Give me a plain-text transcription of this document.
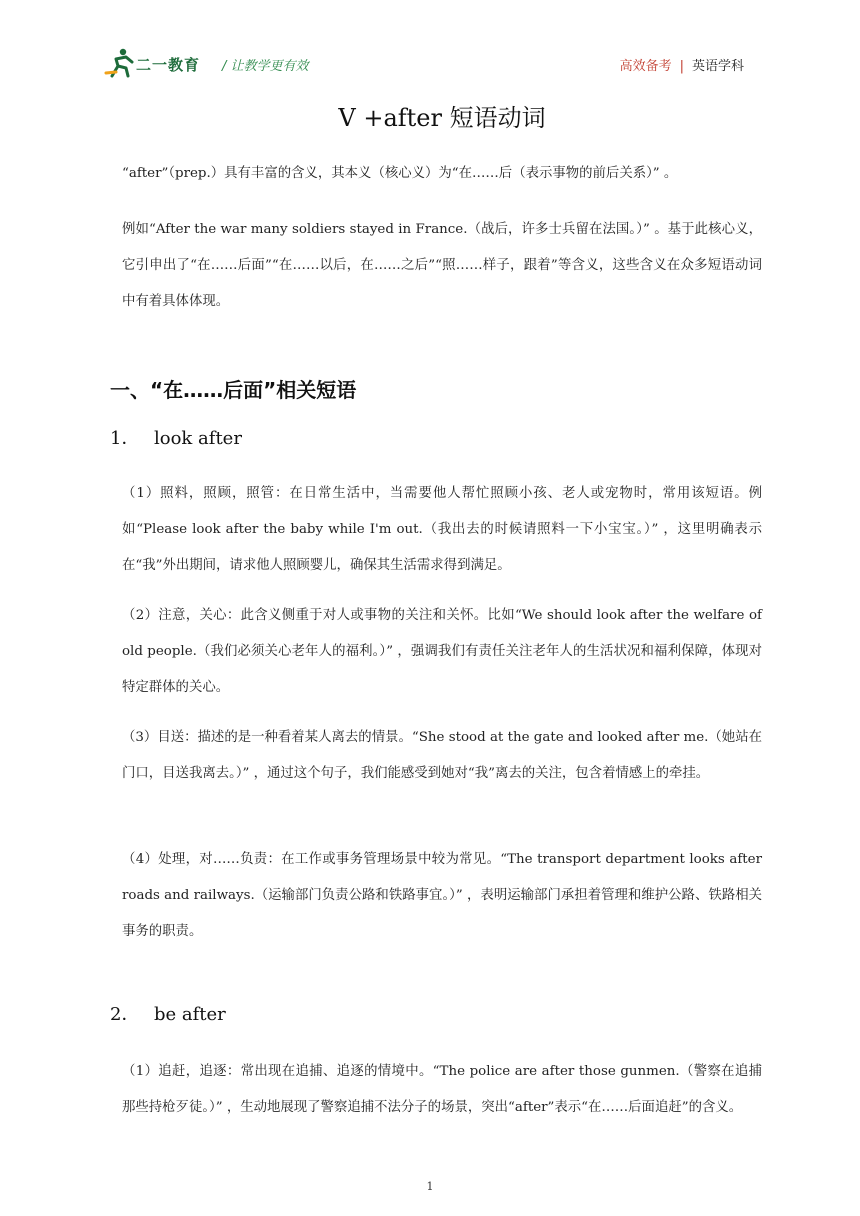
二一教育 / 让教学更有效	高效备考 | 英语学科
V +after 短语动词
“after”（prep.）具有丰富的含义，其本义（核心义）为“在……后（表示事物的前后关系）” 。
例如“After the war many soldiers stayed in France.（战后，许多士兵留在法国。）” 。基于此核心义，它引申出了“在……后面”“在……以后，在……之后”“照……样子，跟着”等含义，这些含义在众多短语动词中有着具体体现。
一、“在……后面”相关短语
1． look after
（1）照料，照顾，照管：在日常生活中，当需要他人帮忙照顾小孩、老人或宠物时，常用该短语。例如“Please look after the baby while I'm out.（我出去的时候请照料一下小宝宝。）” ，这里明确表示在“我”外出期间，请求他人照顾婴儿，确保其生活需求得到满足。
（2）注意，关心：此含义侧重于对人或事物的关注和关怀。比如“We should look after the welfare of old people.（我们必须关心老年人的福利。）” ，强调我们有责任关注老年人的生活状况和福利保障，体现对特定群体的关心。
（3）目送：描述的是一种看着某人离去的情景。“She stood at the gate and looked after me.（她站在门口，目送我离去。）” ，通过这个句子，我们能感受到她对“我”离去的关注，包含着情感上的牵挂。
（4）处理，对……负责：在工作或事务管理场景中较为常见。“The transport department looks after roads and railways.（运输部门负责公路和铁路事宜。）” ，表明运输部门承担着管理和维护公路、铁路相关事务的职责。
2． be after
（1）追赶，追逐：常出现在追捕、追逐的情境中。“The police are after those gunmen.（警察在追捕那些持枪歹徒。）” ，生动地展现了警察追捕不法分子的场景，突出“after”表示“在……后面追赶”的含义。
1
